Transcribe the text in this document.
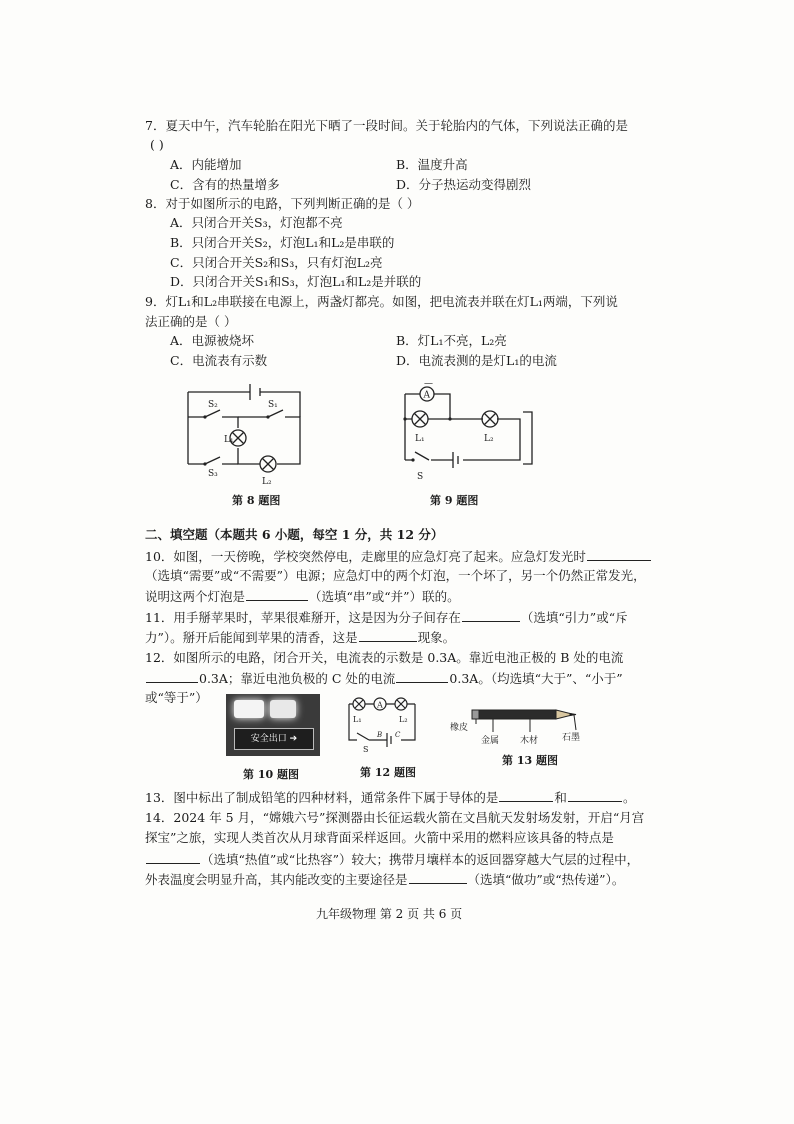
7．夏天中午，汽车轮胎在阳光下晒了一段时间。关于轮胎内的气体，下列说法正确的是
( )
A．内能增加	B．温度升高
C．含有的热量增多	D．分子热运动变得剧烈
8．对于如图所示的电路，下列判断正确的是（ ）
A．只闭合开关S₃，灯泡都不亮
B．只闭合开关S₂，灯泡L₁和L₂是串联的
C．只闭合开关S₂和S₃，只有灯泡L₂亮
D．只闭合开关S₁和S₃，灯泡L₁和L₂是并联的
9．灯L₁和L₂串联接在电源上，两盏灯都亮。如图，把电流表并联在灯L₁两端，下列说
法正确的是（ ）
A．电源被烧坏	B．灯L₁不亮，L₂亮
C．电流表有示数	D．电流表测的是灯L₁的电流
S₂	S₁
L₁
S₃
L₂
第 8 题图
A
—
L₁	L₂
S
第 9 题图
二、填空题（本题共 6 小题，每空 1 分，共 12 分）
10．如图，一天傍晚，学校突然停电，走廊里的应急灯亮了起来。应急灯发光时
（选填“需要”或“不需要”）电源；应急灯中的两个灯泡，一个坏了，另一个仍然正常发光，
说明这两个灯泡是	（选填“串”或“并”）联的。
11．用手掰苹果时，苹果很难掰开，这是因为分子间存在	（选填“引力”或“斥
力”）。掰开后能闻到苹果的清香，这是	现象。
12．如图所示的电路，闭合开关，电流表的示数是 0.3A。靠近电池正极的 B 处的电流
0.3A；靠近电池负极的 C 处的电流	0.3A。（均选填“大于”、“小于”
或“等于”）
安全出口 ➔
第 10 题图
A
L₁	L₂
S
B C
第 12 题图
橡皮
金属 木材	石墨
第 13 题图
13．图中标出了制成铅笔的四种材料，通常条件下属于导体的是	和	。
14．2024 年 5 月，“嫦娥六号”探测器由长征运载火箭在文昌航天发射场发射，开启“月宫
探宝”之旅，实现人类首次从月球背面采样返回。火箭中采用的燃料应该具备的特点是
（选填“热值”或“比热容”）较大；携带月壤样本的返回器穿越大气层的过程中，
外表温度会明显升高，其内能改变的主要途径是	（选填“做功”或“热传递”）。
九年级物理 第 2 页 共 6 页
